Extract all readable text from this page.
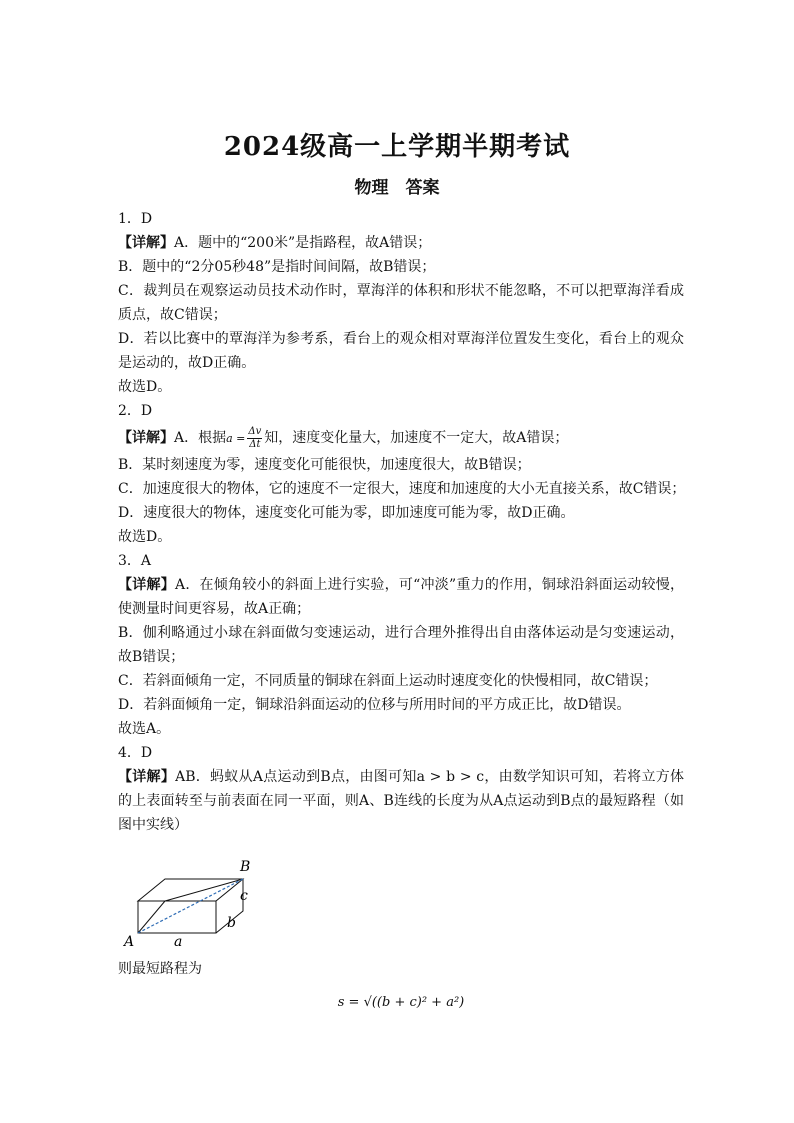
2024级高一上学期半期考试
物理　答案
1．D
【详解】A．题中的“200米”是指路程，故A错误；
B．题中的“2分05秒48”是指时间间隔，故B错误；
C．裁判员在观察运动员技术动作时，覃海洋的体积和形状不能忽略，不可以把覃海洋看成质点，故C错误；
D．若以比赛中的覃海洋为参考系，看台上的观众相对覃海洋位置发生变化，看台上的观众是运动的，故D正确。
故选D。
2．D
【详解】A．根据$a = \frac{\Delta v}{\Delta t}$ 知，速度变化量大，加速度不一定大，故A错误；
B．某时刻速度为零，速度变化可能很快，加速度很大，故B错误；
C．加速度很大的物体，它的速度不一定很大，速度和加速度的大小无直接关系，故C错误；
D．速度很大的物体，速度变化可能为零，即加速度可能为零，故D正确。
故选D。
3．A
【详解】A．在倾角较小的斜面上进行实验，可“冲淡”重力的作用，铜球沿斜面运动较慢，使测量时间更容易，故A正确；
B．伽利略通过小球在斜面做匀变速运动，进行合理外推得出自由落体运动是匀变速运动，故B错误；
C．若斜面倾角一定，不同质量的铜球在斜面上运动时速度变化的快慢相同，故C错误；
D．若斜面倾角一定，铜球沿斜面运动的位移与所用时间的平方成正比，故D错误。
故选A。
4．D
【详解】AB．蚂蚁从A点运动到B点，由图可知a > b > c，由数学知识可知，若将立方体的上表面转至与前表面在同一平面，则A、B连线的长度为从A点运动到B点的最短路程（如图中实线）
A
B
a
b
c
则最短路程为
s = √((b + c)² + a²)
